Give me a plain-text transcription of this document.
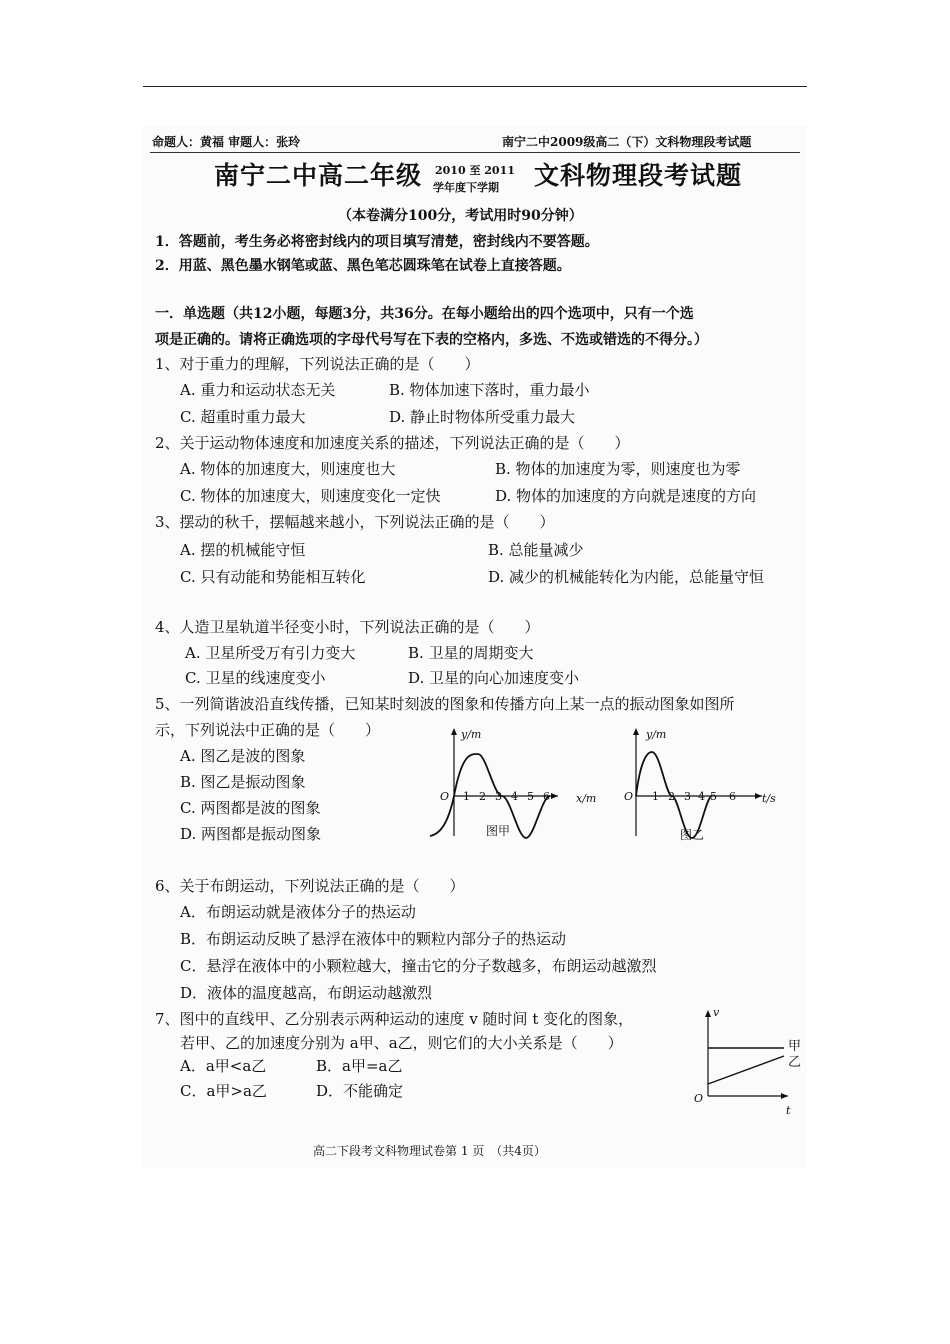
命题人：黄福 审题人：张玲	南宁二中2009级高二（下）文科物理段考试题
南宁二中高二年级 2010 至 2011
学年度下学期 文科物理段考试题
（本卷满分100分，考试用时90分钟）
1．答题前，考生务必将密封线内的项目填写清楚，密封线内不要答题。
2．用蓝、黑色墨水钢笔或蓝、黑色笔芯圆珠笔在试卷上直接答题。
一．单选题（共12小题，每题3分，共36分。在每小题给出的四个选项中，只有一个选
项是正确的。请将正确选项的字母代号写在下表的空格内，多选、不选或错选的不得分。）
1、对于重力的理解，下列说法正确的是（　　）
A. 重力和运动状态无关	B. 物体加速下落时，重力最小
C. 超重时重力最大	D. 静止时物体所受重力最大
2、关于运动物体速度和加速度关系的描述，下列说法正确的是（　　）
A. 物体的加速度大，则速度也大	B. 物体的加速度为零，则速度也为零
C. 物体的加速度大，则速度变化一定快	D. 物体的加速度的方向就是速度的方向
3、摆动的秋千，摆幅越来越小，下列说法正确的是（　　）
A. 摆的机械能守恒	B. 总能量减少
C. 只有动能和势能相互转化	D. 减少的机械能转化为内能，总能量守恒
4、人造卫星轨道半径变小时，下列说法正确的是（　　）
A. 卫星所受万有引力变大	B. 卫星的周期变大
C. 卫星的线速度变小	D. 卫星的向心加速度变小
5、一列简谐波沿直线传播，已知某时刻波的图象和传播方向上某一点的振动图象如图所
示，下列说法中正确的是（　　）
A. 图乙是波的图象
B. 图乙是振动图象
C. 两图都是波的图象
D. 两图都是振动图象
y/m
x/m
O 1 2 3 4 5 6
图甲
y/m
t/s
O 1 2 3 4 5 6
图乙
6、关于布朗运动，下列说法正确的是（　　）
A．布朗运动就是液体分子的热运动
B．布朗运动反映了悬浮在液体中的颗粒内部分子的热运动
C．悬浮在液体中的小颗粒越大，撞击它的分子数越多，布朗运动越激烈
D．液体的温度越高，布朗运动越激烈
7、图中的直线甲、乙分别表示两种运动的速度 v 随时间 t 变化的图象，
若甲、乙的加速度分别为 a甲、a乙，则它们的大小关系是（　　）
A．a甲<a乙	B．a甲=a乙
C．a甲>a乙	D．不能确定
v
t
O
甲
乙
高二下段考文科物理试卷第 1 页　（共4页）
